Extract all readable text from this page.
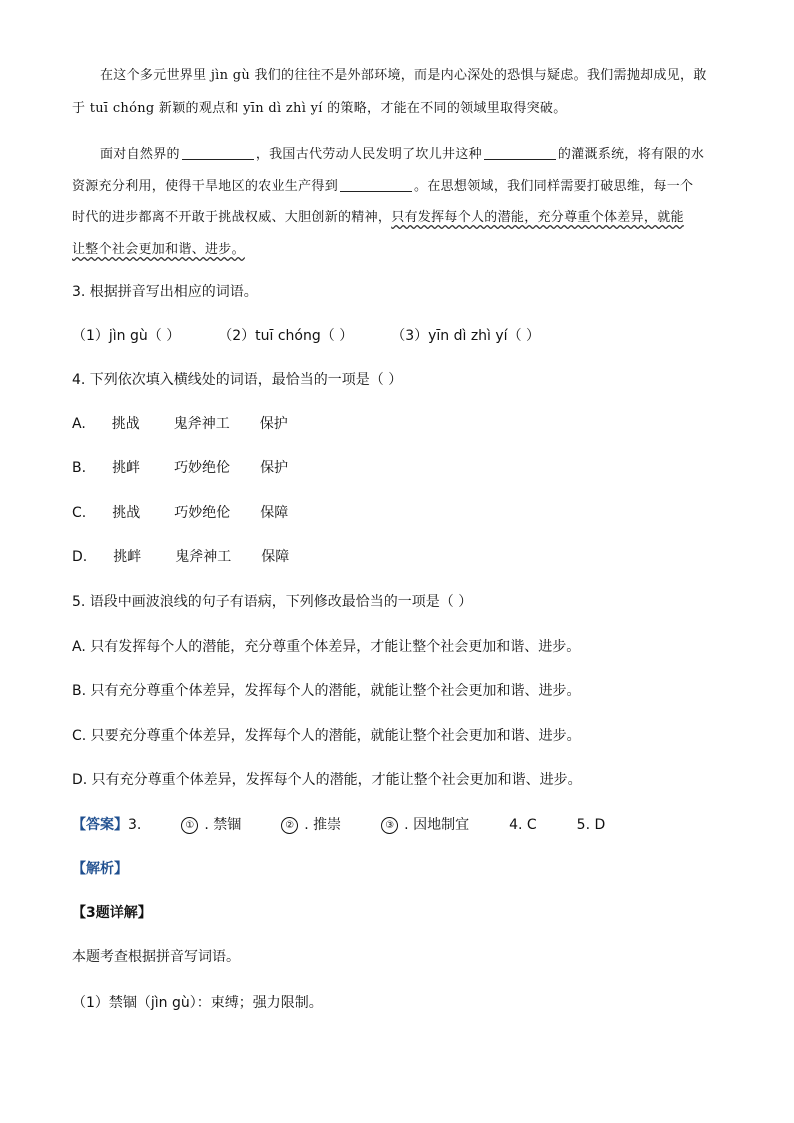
在这个多元世界里 jìn gù 我们的往往不是外部环境，而是内心深处的恐惧与疑虑。我们需抛却成见，敢
于 tuī chóng 新颖的观点和 yīn dì zhì yí 的策略，才能在不同的领域里取得突破。
面对自然界的	，我国古代劳动人民发明了坎儿井这种	的灌溉系统，将有限的水
资源充分利用，使得干旱地区的农业生产得到	。在思想领域，我们同样需要打破思维，每一个
时代的进步都离不开敢于挑战权威、大胆创新的精神，只有发挥每个人的潜能，充分尊重个体差异，就能
让整个社会更加和谐、进步。
3. 根据拼音写出相应的词语。
（1）jìn gù（ ）	（2）tuī chóng（ ）	（3）yīn dì zhì yí（ ）
4. 下列依次填入横线处的词语，最恰当的一项是（ ）
A. 挑战 鬼斧神工 保护
B. 挑衅 巧妙绝伦 保护
C. 挑战 巧妙绝伦 保障
D. 挑衅 鬼斧神工 保障
5. 语段中画波浪线的句子有语病，下列修改最恰当的一项是（ ）
A. 只有发挥每个人的潜能，充分尊重个体差异，才能让整个社会更加和谐、进步。
B. 只有充分尊重个体差异，发挥每个人的潜能，就能让整个社会更加和谐、进步。
C. 只要充分尊重个体差异，发挥每个人的潜能，就能让整个社会更加和谐、进步。
D. 只有充分尊重个体差异，发挥每个人的潜能，才能让整个社会更加和谐、进步。
【答案】3.	① . 禁锢	② . 推崇	③ . 因地制宜	4. C	5. D
【解析】
【3题详解】
本题考查根据拼音写词语。
（1）禁锢（jìn gù）：束缚；强力限制。
